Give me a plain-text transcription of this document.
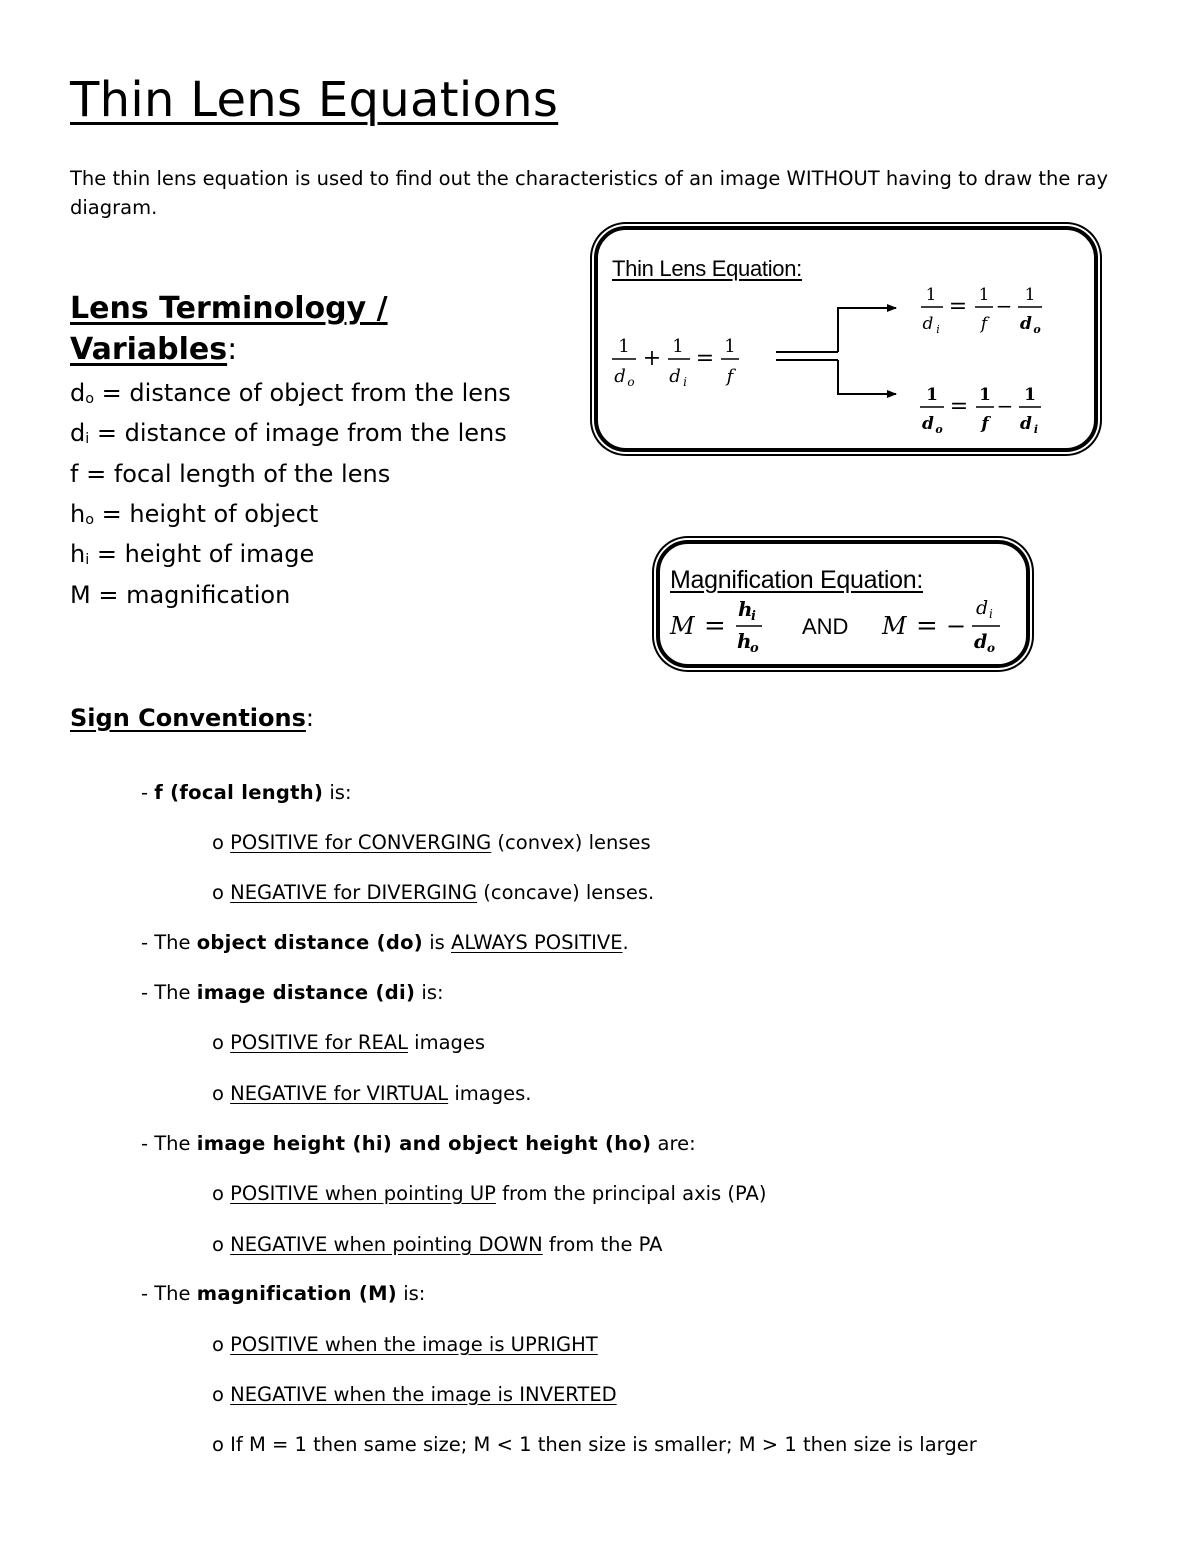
Thin Lens Equations

The thin lens equation is used to find out the characteristics of an image WITHOUT having to draw the ray diagram.

Lens Terminology / Variables:
do = distance of object from the lens
di = distance of image from the lens
f = focal length of the lens
ho = height of object
hi = height of image
M = magnification
Thin Lens Equation:
1
d o
+ 1
d i
= 1
f
1
d i
= 1
f
− 1
d o
1
d o
= 1
f
− 1
d i
Magnification Equation:
M =
h
i
h
o
AND M = −
d i
d o
Sign Conventions:

- f (focal length) is:

o POSITIVE for CONVERGING (convex) lenses

o NEGATIVE for DIVERGING (concave) lenses.

- The object distance (do) is ALWAYS POSITIVE.

- The image distance (di) is:

o POSITIVE for REAL images

o NEGATIVE for VIRTUAL images.

- The image height (hi) and object height (ho) are:

o POSITIVE when pointing UP from the principal axis (PA)

o NEGATIVE when pointing DOWN from the PA

- The magnification (M) is:

o POSITIVE when the image is UPRIGHT

o NEGATIVE when the image is INVERTED

o If M = 1 then same size; M < 1 then size is smaller; M > 1 then size is larger
